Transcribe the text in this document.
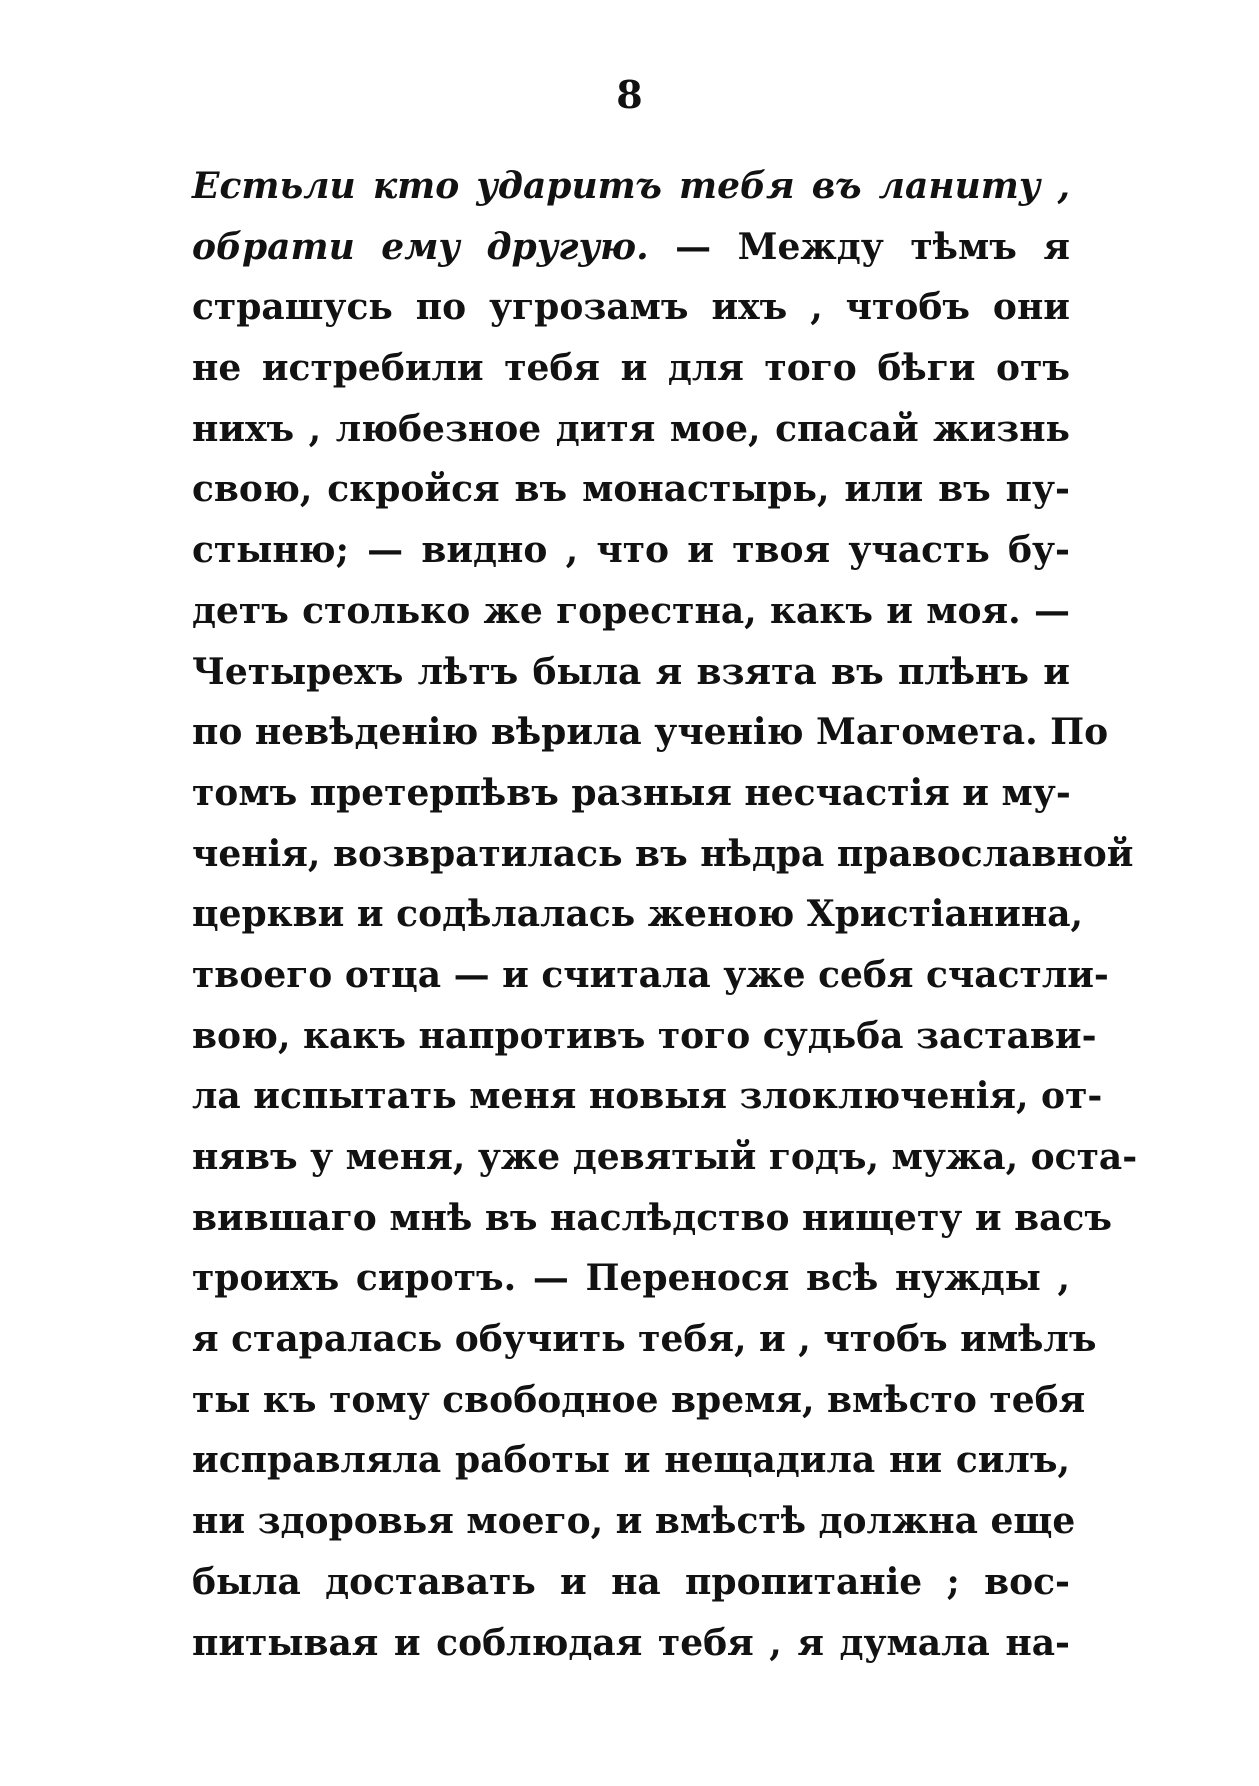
8
Естьли кто ударитъ тебя въ ланиту ,
обрати ему другую. — Между тѣмъ я
страшусь по угрозамъ ихъ , чтобъ они
не истребили тебя и для того бѣги отъ
нихъ , любезное дитя мое, спасай жизнь
свою, скройся въ монастырь, или въ пу-
стыню; — видно , что и твоя участь бу-
детъ столько же горестна, какъ и моя. —
Четырехъ лѣтъ была я взята въ плѣнъ и
по невѣденію вѣрила ученію Магомета. По
томъ претерпѣвъ разныя несчастія и му-
ченія, возвратилась въ нѣдра православной
церкви и содѣлалась женою Христіанина,
твоего отца — и считала уже себя счастли-
вою, какъ напротивъ того судьба застави-
ла испытать меня новыя злоключенія, от-
нявъ у меня, уже девятый годъ, мужа, оста-
вившаго мнѣ въ наслѣдство нищету и васъ
троихъ сиротъ. — Перенося всѣ нужды ,
я старалась обучить тебя, и , чтобъ имѣлъ
ты къ тому свободное время, вмѣсто тебя
исправляла работы и нещадила ни силъ,
ни здоровья моего, и вмѣстѣ должна еще
была доставать и на пропитаніе ; вос-
питывая и соблюдая тебя , я думала на-
